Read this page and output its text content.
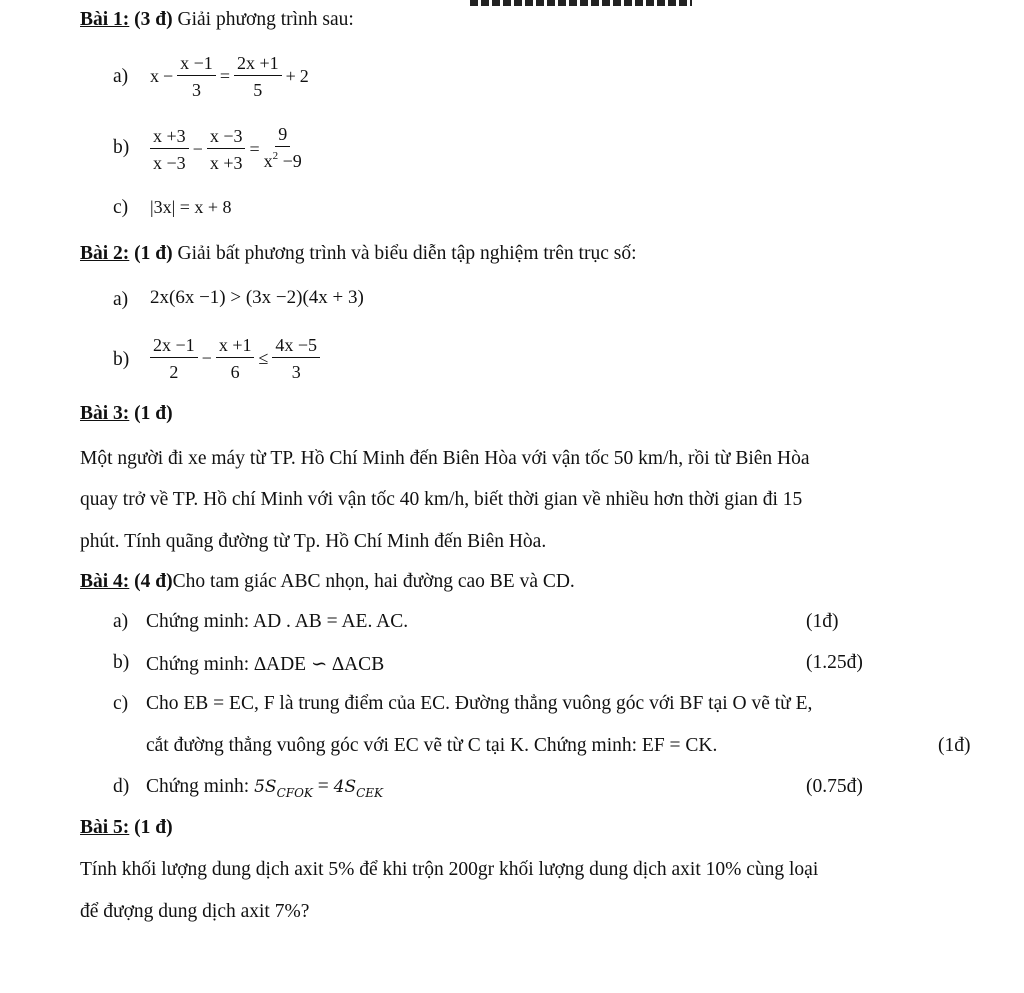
Bài 1: (3 đ) Giải phương trình sau:
a) $x - \frac{x -1}{3} = \frac{2x +1}{5} + 2$
$b) \frac{x +3}{x -3} - \frac{x -3}{x +3} = \frac{9}{x^2 -9}$
c) |3x| = x + 8
Bài 2: (1 đ) Giải bất phương trình và biểu diễn tập nghiệm trên trục số:
a) 2x(6x −1) > (3x −2)(4x + 3)
$b) \frac{2x -1}{2} - \frac{x +1}{6} \le \frac{4x -5}{3}$
Bài 3: (1 đ)
Một người đi xe máy từ TP. Hồ Chí Minh đến Biên Hòa với vận tốc 50 km/h, rồi từ Biên Hòa
quay trở về TP. Hồ chí Minh với vận tốc 40 km/h, biết thời gian về nhiều hơn thời gian đi 15
phút. Tính quãng đường từ Tp. Hồ Chí Minh đến Biên Hòa.
Bài 4: (4 đ)Cho tam giác ABC nhọn, hai đường cao BE và CD.
a) Chứng minh: AD . AB = AE. AC.	(1đ)
b) Chứng minh: ∆ADE ∽ ∆ACB	(1.25đ)
c) Cho EB = EC, F là trung điểm của EC. Đường thẳng vuông góc với BF tại O vẽ từ E,
cắt đường thẳng vuông góc với EC vẽ từ C tại K. Chứng minh: EF = CK.	(1đ)
d) Chứng minh: $5S_{CFOK} = 4S_{CEK}$	(0.75đ)
Bài 5: (1 đ)
Tính khối lượng dung dịch axit 5% để khi trộn 200gr khối lượng dung dịch axit 10% cùng loại
để đượng dung dịch axit 7%?
